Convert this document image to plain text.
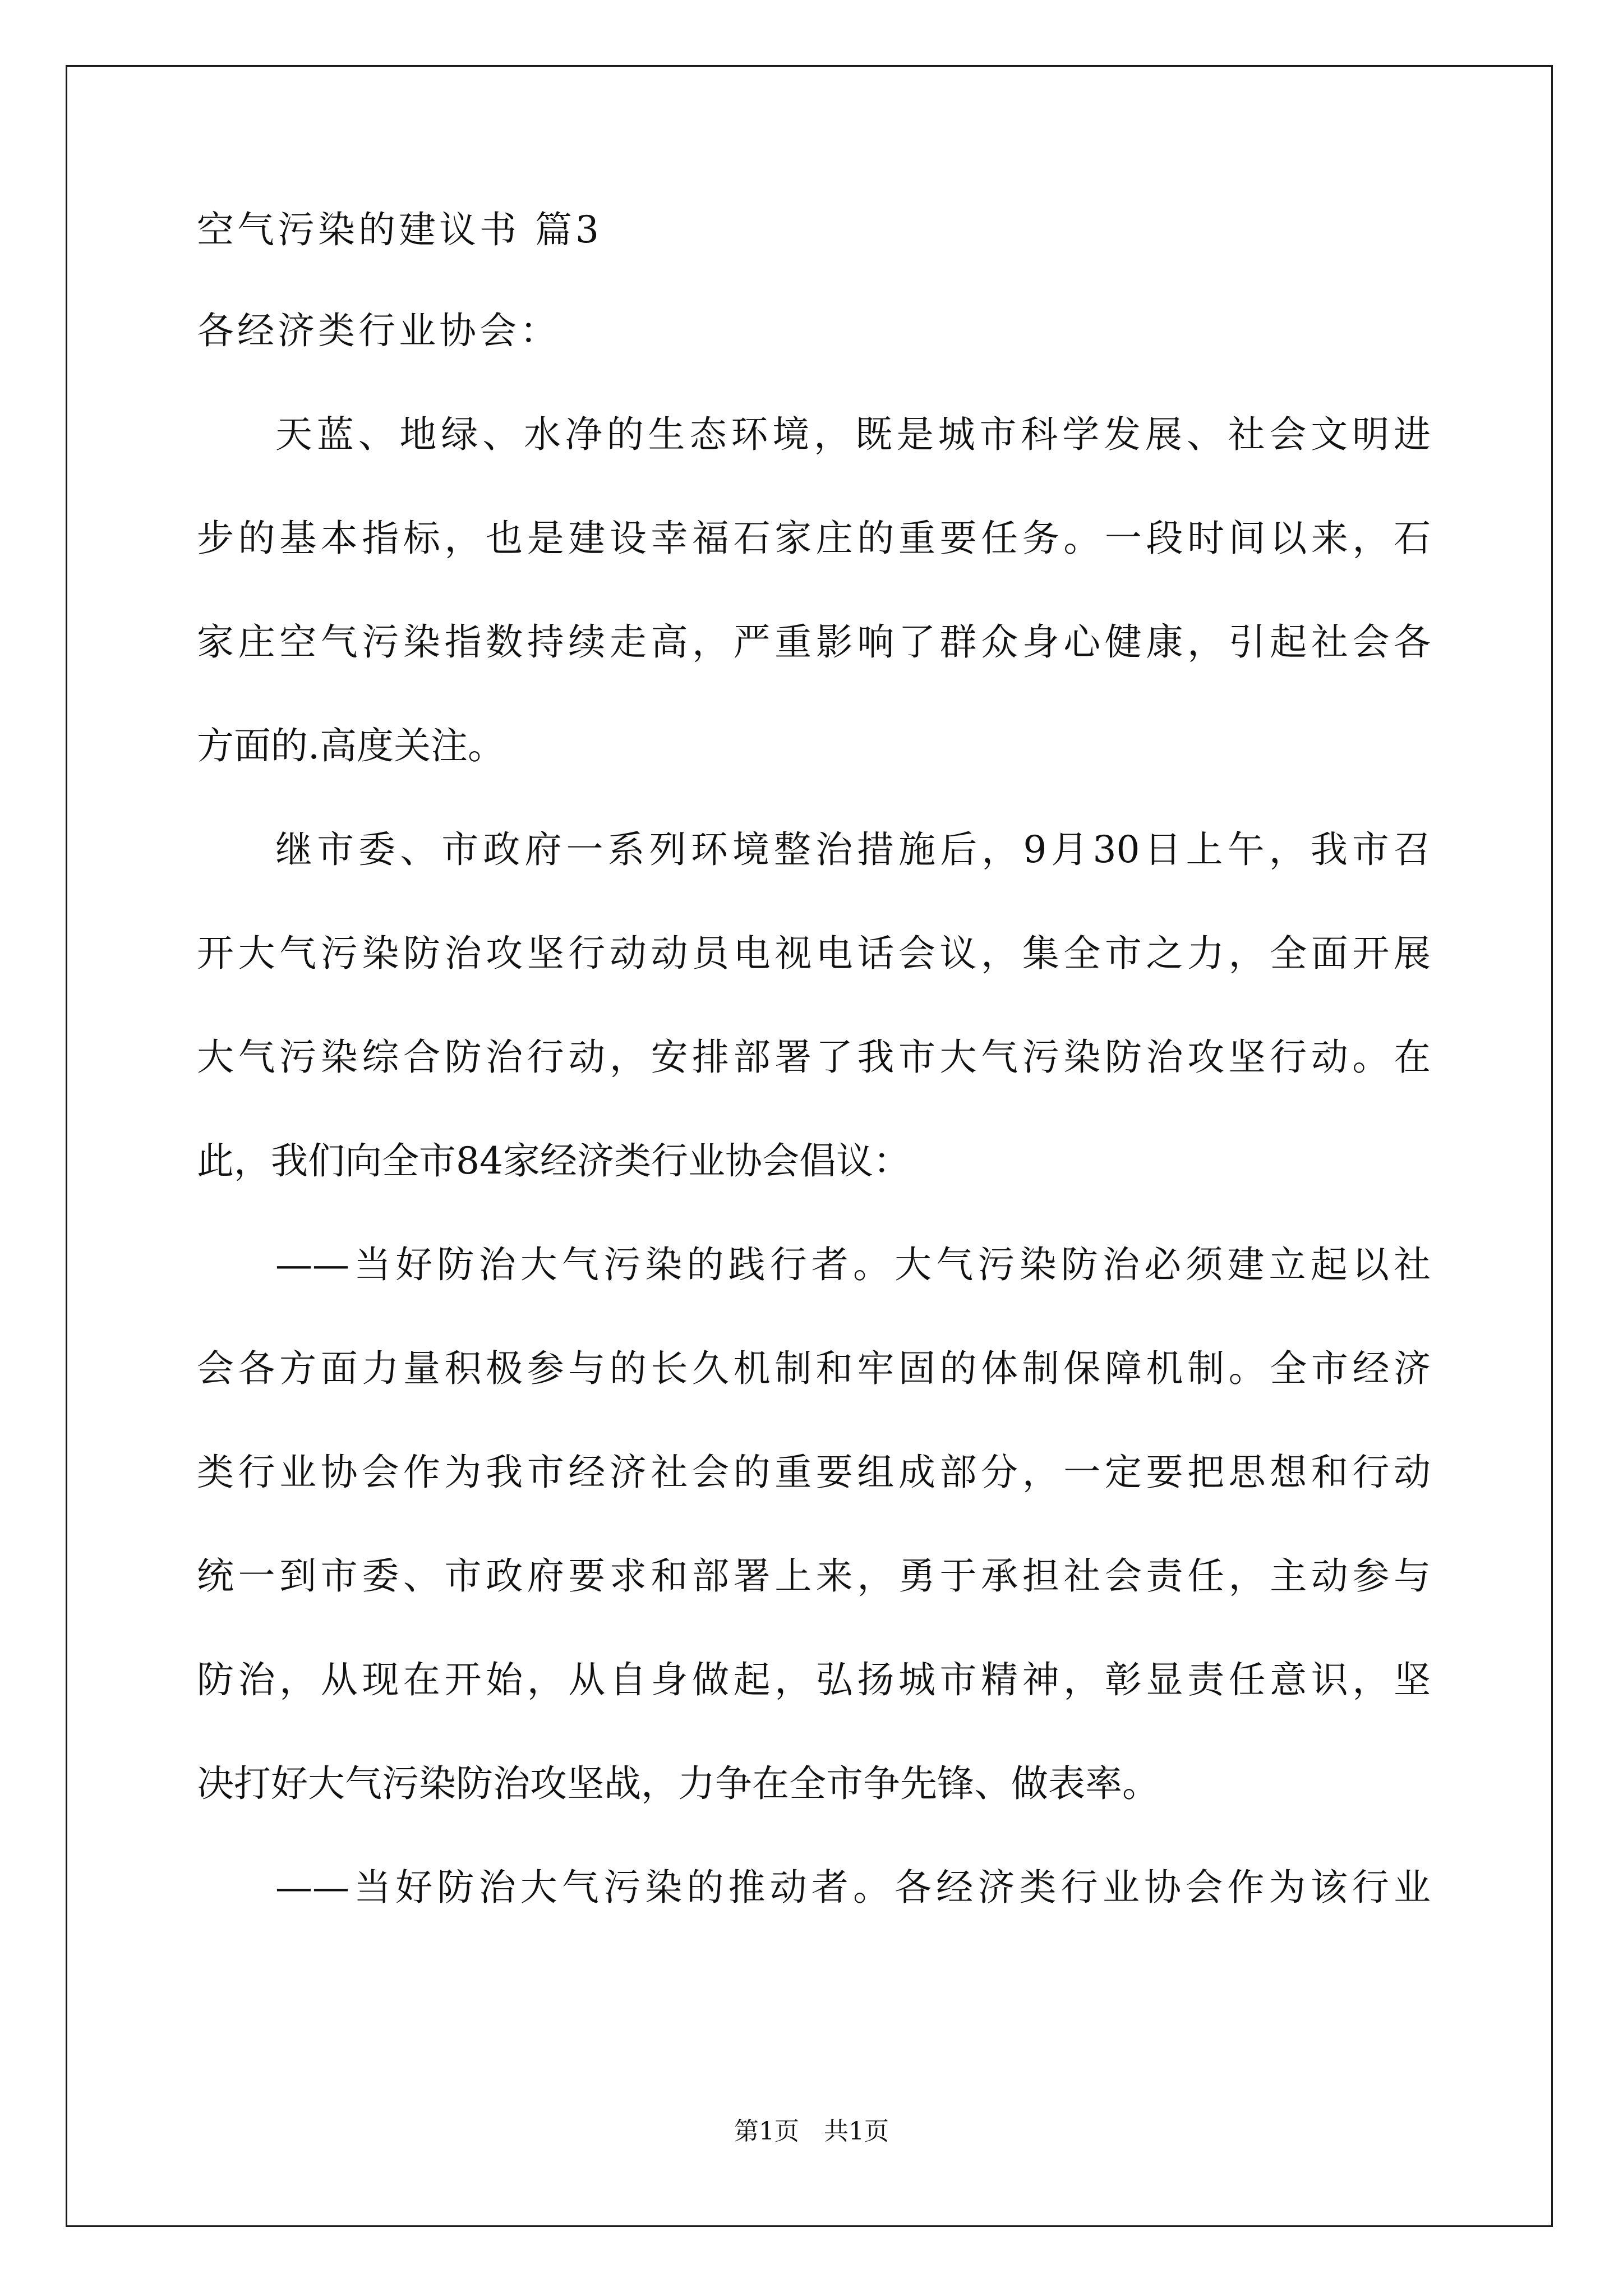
空气污染的建议书 篇3
各经济类行业协会：
天蓝、地绿、水净的生态环境，既是城市科学发展、社会文明进
步的基本指标，也是建设幸福石家庄的重要任务。一段时间以来，石
家庄空气污染指数持续走高，严重影响了群众身心健康，引起社会各
方面的.高度关注。
继市委、市政府一系列环境整治措施后，9月30日上午，我市召
开大气污染防治攻坚行动动员电视电话会议，集全市之力，全面开展
大气污染综合防治行动，安排部署了我市大气污染防治攻坚行动。在
此，我们向全市84家经济类行业协会倡议：
——当好防治大气污染的践行者。大气污染防治必须建立起以社
会各方面力量积极参与的长久机制和牢固的体制保障机制。全市经济
类行业协会作为我市经济社会的重要组成部分，一定要把思想和行动
统一到市委、市政府要求和部署上来，勇于承担社会责任，主动参与
防治，从现在开始，从自身做起，弘扬城市精神，彰显责任意识，坚
决打好大气污染防治攻坚战，力争在全市争先锋、做表率。
——当好防治大气污染的推动者。各经济类行业协会作为该行业
第1页　共1页
